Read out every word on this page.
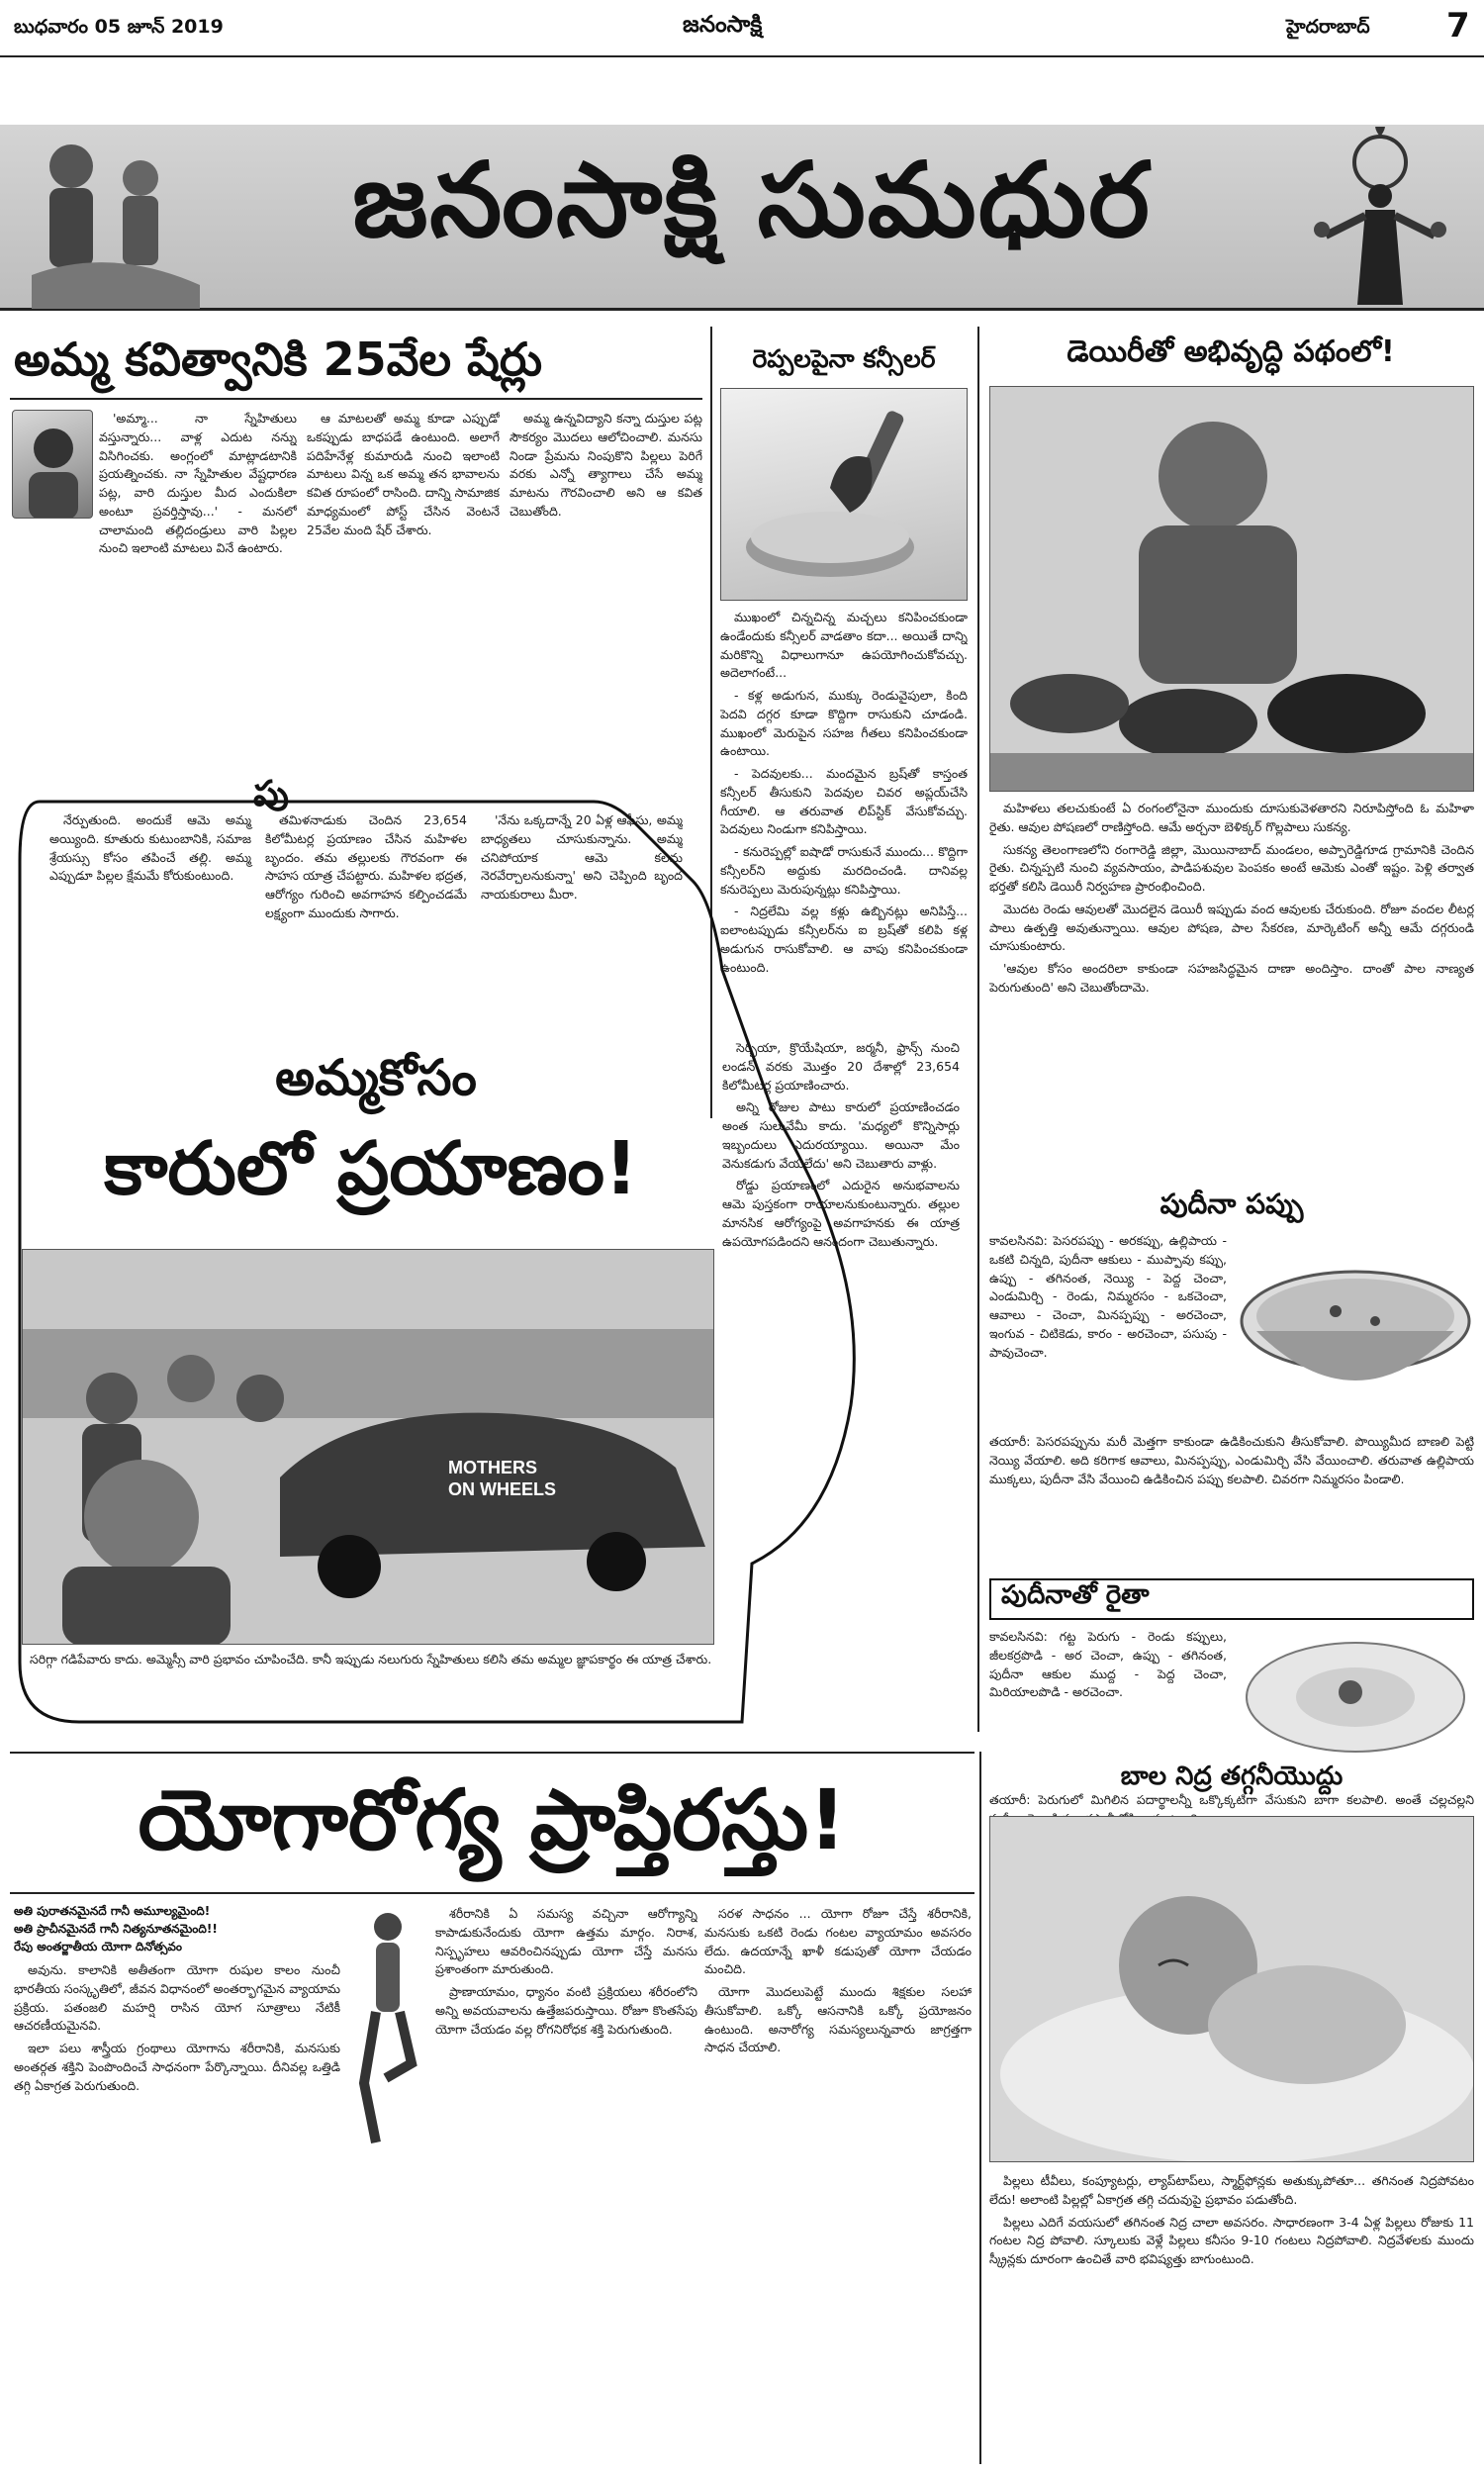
బుధవారం 05 జూన్ 2019	జనంసాక్షి	హైదరాబాద్ 7
జనంసాక్షి సుమధుర
అమ్మ కవిత్వానికి 25వేల షేర్లు

'అమ్మా... నా స్నేహితులు వస్తున్నారు... వాళ్ల ఎదుట నన్ను విసిగించకు. అంగ్లంలో మాట్లాడటానికి ప్రయత్నించకు. నా స్నేహితుల వేష్టధారణ పట్ల, వారి దుస్తుల మీద ఎందుకిలా అంటూ ప్రవర్తిస్తావు...' - మనలో చాలామంది తల్లిదండ్రులు వారి పిల్లల నుంచి ఇలాంటి మాటలు వినే ఉంటారు.

ఆ మాటలతో అమ్మ కూడా ఎప్పుడో ఒకప్పుడు బాధపడే ఉంటుంది. అలాగే పదిహేనేళ్ల కుమారుడి నుంచి ఇలాంటి మాటలు విన్న ఒక అమ్మ తన భావాలను కవిత రూపంలో రాసింది. దాన్ని సామాజిక మాధ్యమంలో పోస్ట్ చేసిన వెంటనే 25వేల మంది షేర్ చేశారు.

అమ్మ ఉన్నవిద్యాని కన్నా దుస్తుల పట్ల సౌకర్యం మొదలు ఆలోచించాలి. మనసు నిండా ప్రేమను నింపుకొని పిల్లలు పెరిగే వరకు ఎన్నో త్యాగాలు చేసే అమ్మ మాటను గౌరవించాలి అని ఆ కవిత చెబుతోంది.

రెప్పలపైనా కన్సీలర్

ముఖంలో చిన్నచిన్న మచ్చలు కనిపించకుండా ఉండేందుకు కన్సీలర్ వాడతాం కదా... అయితే దాన్ని మరికొన్ని విధాలుగానూ ఉపయోగించుకోవచ్చు. అదెలాగంటే...

- కళ్ల అడుగున, ముక్కు రెండువైపులా, కింది పెదవి దగ్గర కూడా కొద్దిగా రాసుకుని చూడండి. ముఖంలో మెరుపైన సహజ గీతలు కనిపించకుండా ఉంటాయి.

- పెదవులకు... మందమైన బ్రష్‌తో కాస్తంత కన్సీలర్ తీసుకుని పెదవుల చివర అప్లయ్‌చేసి గీయాలి. ఆ తరువాత లిప్‌స్టిక్ వేసుకోవచ్చు. పెదవులు నిండుగా కనిపిస్తాయి.

- కనురెప్పల్లో ఐషాడో రాసుకునే ముందు... కొద్దిగా కన్సీలర్‌ని అద్దుకు మరదించండి. దానివల్ల కనురెప్పలు మెరుపున్నట్లు కనిపిస్తాయి.

- నిద్రలేమి వల్ల కళ్లు ఉబ్బినట్లు అనిపిస్తే... ఐలాంటప్పుడు కన్సీలర్‌ను ఐ బ్రష్‌తో కలిపి కళ్ల అడుగున రాసుకోవాలి. ఆ వాపు కనిపించకుండా ఉంటుంది.

డెయిరీతో అభివృద్ధి పథంలో!

మహిళలు తలచుకుంటే ఏ రంగంలోనైనా ముందుకు దూసుకువెళతారని నిరూపిస్తోంది ఓ మహిళా రైతు. ఆవుల పోషణలో రాణిస్తోంది. ఆమే అర్చనా బెళిక్కర్ గొల్లపాలు సుకన్య.

సుకన్య తెలంగాణలోని రంగారెడ్డి జిల్లా, మొయినాబాద్ మండలం, అప్పారెడ్డిగూడ గ్రామానికి చెందిన రైతు. చిన్నప్పటి నుంచి వ్యవసాయం, పాడిపశువుల పెంపకం అంటే ఆమెకు ఎంతో ఇష్టం. పెళ్లి తర్వాత భర్తతో కలిసి డెయిరీ నిర్వహణ ప్రారంభించింది.

మొదట రెండు ఆవులతో మొదలైన డెయిరీ ఇప్పుడు వంద ఆవులకు చేరుకుంది. రోజూ వందల లీటర్ల పాలు ఉత్పత్తి అవుతున్నాయి. ఆవుల పోషణ, పాల సేకరణ, మార్కెటింగ్ అన్నీ ఆమే దగ్గరుండి చూసుకుంటారు.

'ఆవుల కోసం అందరిలా కాకుండా సహజసిద్ధమైన దాణా అందిస్తాం. దాంతో పాల నాణ్యత పెరుగుతుంది' అని చెబుతోందామె.

పు

నేర్పుతుంది. అందుకే ఆమె అమ్మ అయ్యింది. కూతురు కుటుంబానికి, సమాజ శ్రేయస్సు కోసం తపించే తల్లి. అమ్మ ఎప్పుడూ పిల్లల క్షేమమే కోరుకుంటుంది.

తమిళనాడుకు చెందిన 23,654 కిలోమీటర్ల ప్రయాణం చేసిన మహిళల బృందం. తమ తల్లులకు గౌరవంగా ఈ సాహస యాత్ర చేపట్టారు. మహిళల భద్రత, ఆరోగ్యం గురించి అవగాహన కల్పించడమే లక్ష్యంగా ముందుకు సాగారు.

'నేను ఒక్కదాన్నే 20 ఏళ్ల ఆఫీసు, అమ్మ బాధ్యతలు చూసుకున్నాను. అమ్మ చనిపోయాక ఆమె కలను నెరవేర్చాలనుకున్నా' అని చెప్పింది బృంద నాయకురాలు మీరా.

అమ్మకోసం
కారులో ప్రయాణం!

సెర్బియా, క్రొయేషియా, జర్మనీ, ఫ్రాన్స్ నుంచి లండన్ వరకు మొత్తం 20 దేశాల్లో 23,654 కిలోమీటర్ల ప్రయాణించారు.

అన్ని రోజుల పాటు కారులో ప్రయాణించడం అంత సులువేమీ కాదు. 'మధ్యలో కొన్నిసార్లు ఇబ్బందులు ఎదురయ్యాయి. అయినా మేం వెనుకడుగు వేయలేదు' అని చెబుతారు వాళ్లు.

రోడ్డు ప్రయాణంలో ఎదురైన అనుభవాలను ఆమె పుస్తకంగా రాయాలనుకుంటున్నారు. తల్లుల మానసిక ఆరోగ్యంపై అవగాహనకు ఈ యాత్ర ఉపయోగపడిందని ఆనందంగా చెబుతున్నారు.

MOTHERS
ON WHEELS
సరిగ్గా గడిపేవారు కాదు. అమ్మెస్సీ వారి ప్రభావం చూపించేది. కానీ ఇప్పుడు నలుగురు స్నేహితులు కలిసి తమ అమ్మల జ్ఞాపకార్థం ఈ యాత్ర చేశారు.
పుదీనా పప్పు
కావలసినవి: పెసరపప్పు - అరకప్పు, ఉల్లిపాయ - ఒకటి చిన్నది, పుదీనా ఆకులు - ముప్పావు కప్పు, ఉప్పు - తగినంత, నెయ్యి - పెద్ద చెంచా, ఎండుమిర్చి - రెండు, నిమ్మరసం - ఒకచెంచా, ఆవాలు - చెంచా, మినప్పప్పు - అరచెంచా, ఇంగువ - చిటికెడు, కారం - అరచెంచా, పసుపు - పావుచెంచా.
తయారీ: పెసరపప్పును మరీ మెత్తగా కాకుండా ఉడికించుకుని తీసుకోవాలి. పొయ్యిమీద బాణలి పెట్టి నెయ్యి వేయాలి. అది కరిగాక ఆవాలు, మినప్పప్పు, ఎండుమిర్చి వేసి వేయించాలి. తరువాత ఉల్లిపాయ ముక్కలు, పుదీనా వేసి వేయించి ఉడికించిన పప్పు కలపాలి. చివరగా నిమ్మరసం పిండాలి.
పుదీనాతో రైతా
కావలసినవి: గట్ట పెరుగు - రెండు కప్పులు, జీలకర్రపొడి - అర చెంచా, ఉప్పు - తగినంత, పుదీనా ఆకుల ముద్ద - పెద్ద చెంచా, మిరియాలపొడి - అరచెంచా.
తయారీ: పెరుగులో మిగిలిన పదార్థాలన్నీ ఒక్కొక్కటిగా వేసుకుని బాగా కలపాలి. అంతే చల్లచల్లని
యోగారోగ్య ప్రాప్తిరస్తు!
అతి పురాతనమైనదే గానీ అమూల్యమైంది!
అతి ప్రాచీనమైనదే గానీ నిత్యనూతనమైంది!!
రేపు అంతర్జాతీయ యోగా దినోత్సవం

అవును. కాలానికి అతీతంగా యోగా రుషుల కాలం నుంచీ భారతీయ సంస్కృతిలో, జీవన విధానంలో అంతర్భాగమైన వ్యాయామ ప్రక్రియ. పతంజలి మహర్షి రాసిన యోగ సూత్రాలు నేటికీ ఆచరణీయమైనవి.

ఇలా పలు శాస్త్రీయ గ్రంథాలు యోగాను శరీరానికి, మనసుకు అంతర్గత శక్తిని పెంపొందించే సాధనంగా పేర్కొన్నాయి. దీనివల్ల ఒత్తిడి తగ్గి ఏకాగ్రత పెరుగుతుంది.

శరీరానికి ఏ సమస్య వచ్చినా ఆరోగ్యాన్ని కాపాడుకునేందుకు యోగా ఉత్తమ మార్గం. నిరాశ, నిస్పృహలు ఆవరించినప్పుడు యోగా చేస్తే మనసు ప్రశాంతంగా మారుతుంది.

ప్రాణాయామం, ధ్యానం వంటి ప్రక్రియలు శరీరంలోని అన్ని అవయవాలను ఉత్తేజపరుస్తాయి. రోజూ కొంతసేపు యోగా చేయడం వల్ల రోగనిరోధక శక్తి పెరుగుతుంది.

సరళ సాధనం ... యోగా రోజూ చేస్తే శరీరానికి, మనసుకు ఒకటి రెండు గంటల వ్యాయామం అవసరం లేదు. ఉదయాన్నే ఖాళీ కడుపుతో యోగా చేయడం మంచిది.

యోగా మొదలుపెట్టే ముందు శిక్షకుల సలహా తీసుకోవాలి. ఒక్కో ఆసనానికి ఒక్కో ప్రయోజనం ఉంటుంది. అనారోగ్య సమస్యలున్నవారు జాగ్రత్తగా సాధన చేయాలి.

బాల నిద్ర తగ్గనీయొద్దు

పిల్లలు టీవీలు, కంప్యూటర్లు, ల్యాప్‌టాప్‌లు, స్మార్ట్‌ఫోన్లకు అతుక్కుపోతూ... తగినంత నిద్రపోవటం లేదు! అలాంటి పిల్లల్లో ఏకాగ్రత తగ్గి చదువుపై ప్రభావం పడుతోంది.

పిల్లలు ఎదిగే వయసులో తగినంత నిద్ర చాలా అవసరం. సాధారణంగా 3-4 ఏళ్ల పిల్లలు రోజుకు 11 గంటల నిద్ర పోవాలి. స్కూలుకు వెళ్లే పిల్లలు కనీసం 9-10 గంటలు నిద్రపోవాలి. నిద్రవేళలకు ముందు స్క్రీన్లకు దూరంగా ఉంచితే వారి భవిష్యత్తు బాగుంటుంది.
